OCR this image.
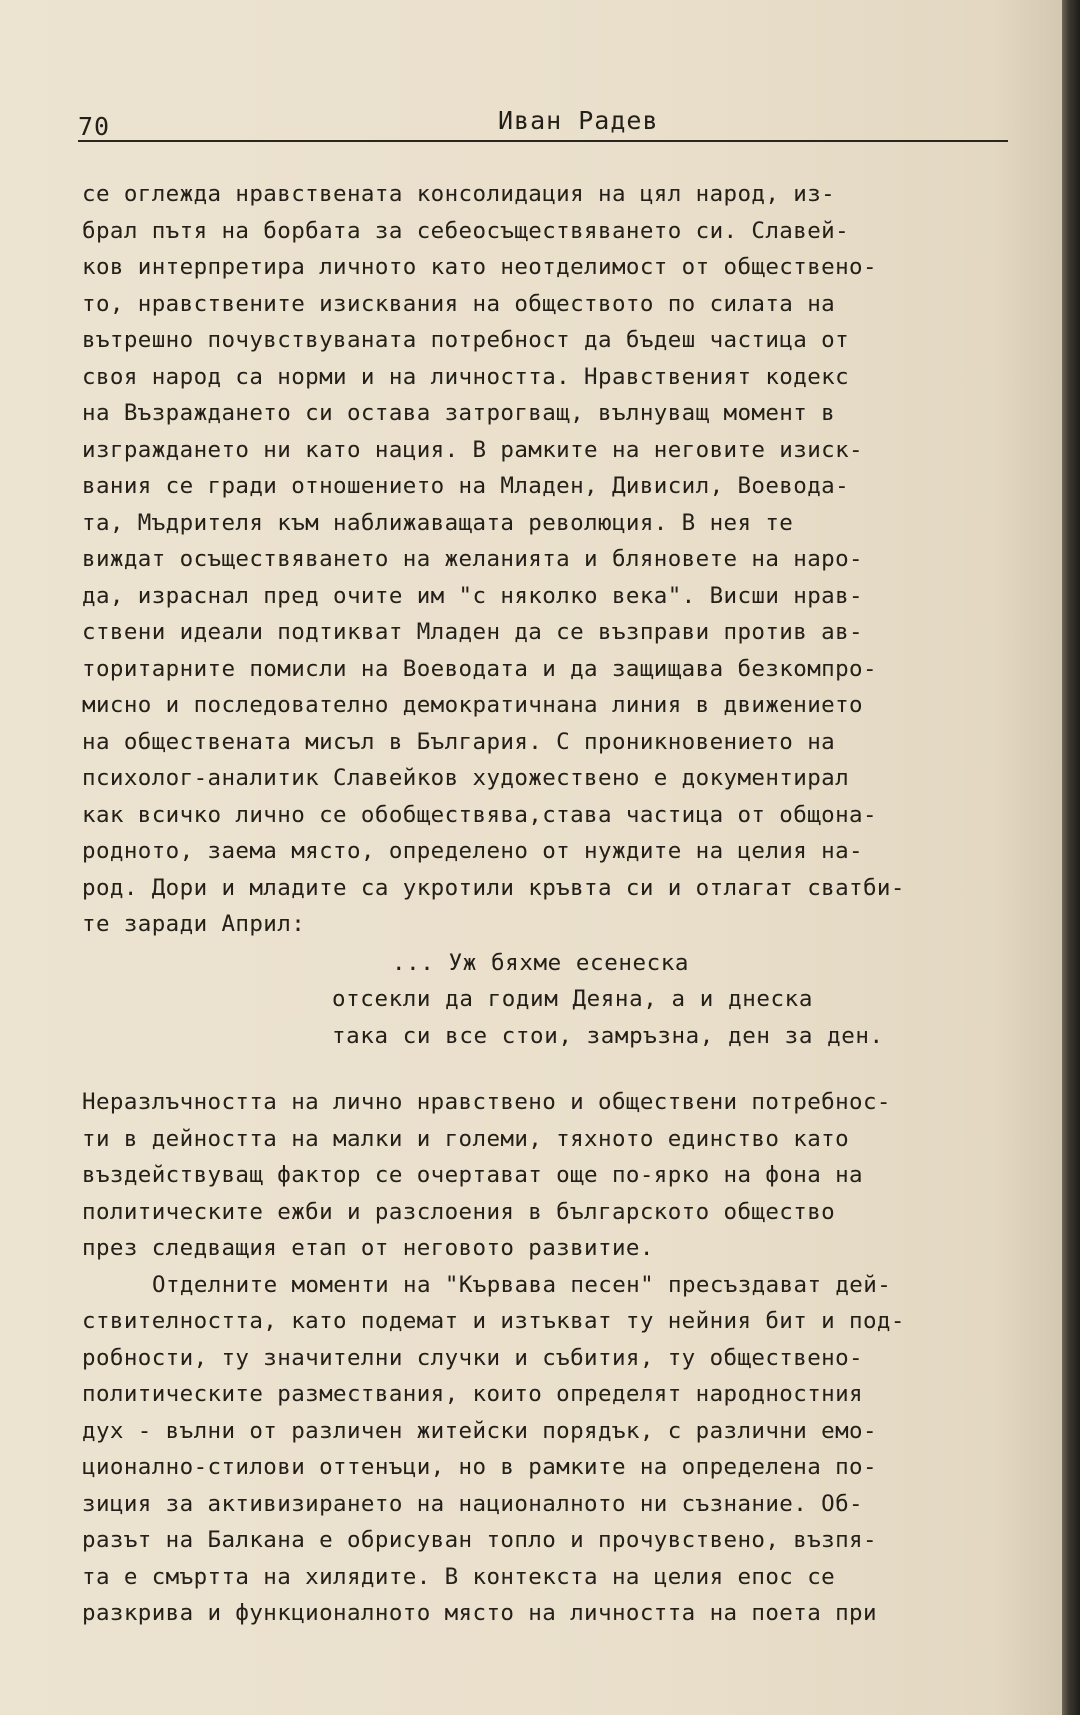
70	Иван Радев
се оглежда нравствената консолидация на цял народ, из-
брал пътя на борбата за себеосъществяването си. Славей-
ков интерпретира личното като неотделимост от обществено-
то, нравствените изисквания на обществото по силата на
вътрешно почувствуваната потребност да бъдеш частица от
своя народ са норми и на личността. Нравственият кодекс
на Възраждането си остава затрогващ, вълнуващ момент в
изграждането ни като нация. В рамките на неговите изиск-
вания се гради отношението на Младен, Дивисил, Воевода-
та, Мъдрителя към наближаващата революция. В нея те
виждат осъществяването на желанията и бляновете на наро-
да, израснал пред очите им "с няколко века". Висши нрав-
ствени идеали подтикват Младен да се възправи против ав-
торитарните помисли на Воеводата и да защищава безкомпро-
мисно и последователно демократичнана линия в движението
на обществената мисъл в България. С проникновението на
психолог-аналитик Славейков художествено е документирал
как всичко лично се обобществява,става частица от общона-
родното, заема място, определено от нуждите на целия на-
род. Дори и младите са укротили кръвта си и отлагат сватби-
те заради Април:
... Уж бяхме есенеска
отсекли да годим Деяна, а и днеска
така си все стои, замръзна, ден за ден.
Неразлъчността на лично нравствено и обществени потребнос-
ти в дейността на малки и големи, тяхното единство като
въздействуващ фактор се очертават още по-ярко на фона на
политическите ежби и разслоения в българското общество
през следващия етап от неговото развитие.
Отделните моменти на "Кървава песен" пресъздават дей-
ствителността, като подемат и изтъкват ту нейния бит и под-
робности, ту значителни случки и събития, ту обществено-
политическите размествания, които определят народностния
дух - вълни от различен житейски порядък, с различни емо-
ционално-стилови оттенъци, но в рамките на определена по-
зиция за активизирането на националното ни съзнание. Об-
разът на Балкана е обрисуван топло и прочувствено, възпя-
та е смъртта на хилядите. В контекста на целия епос се
разкрива и функционалното място на личността на поета при
